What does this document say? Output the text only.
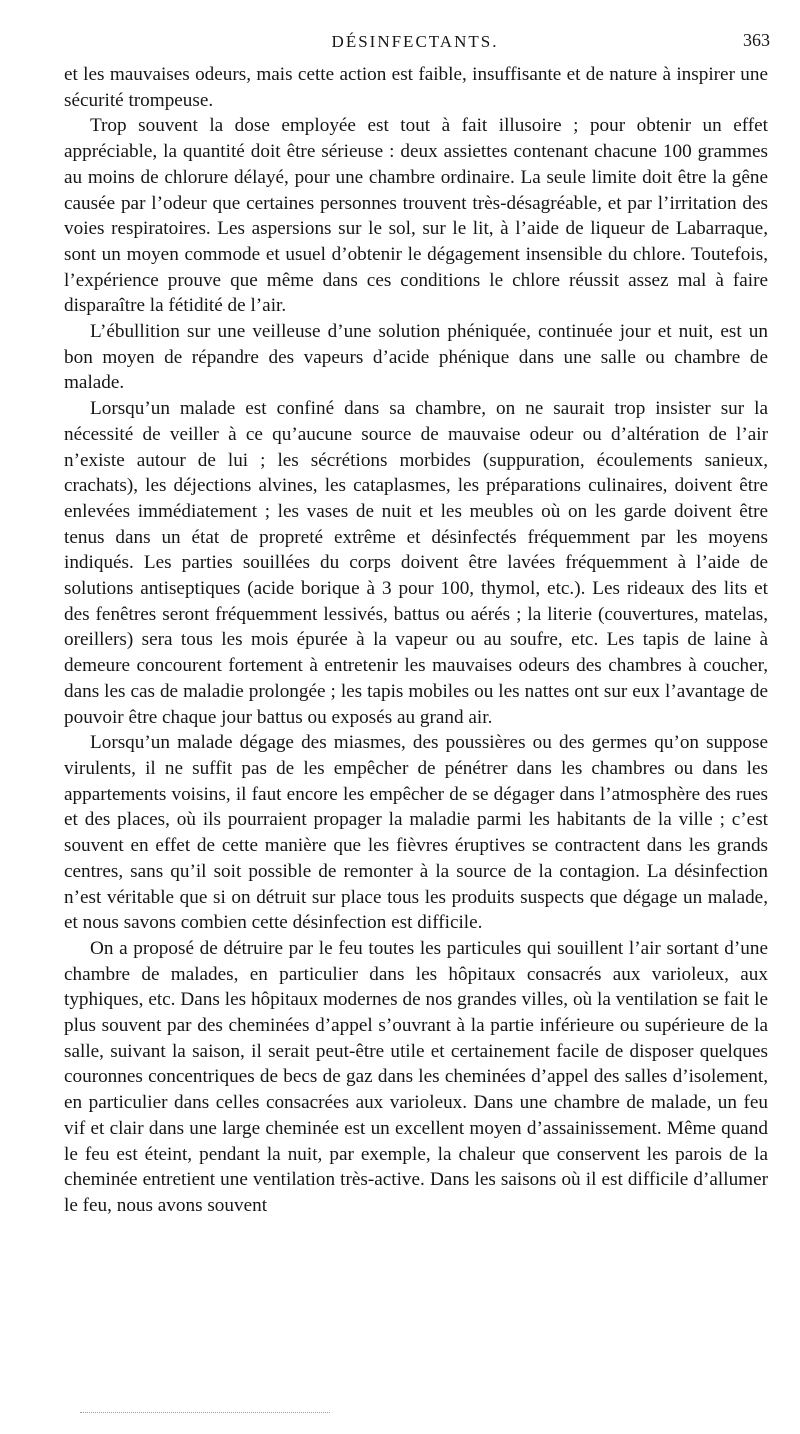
DÉSINFECTANTS.	363

et les mauvaises odeurs, mais cette action est faible, insuffisante et de nature à inspirer une sécurité trompeuse.

Trop souvent la dose employée est tout à fait illusoire ; pour obtenir un effet appréciable, la quantité doit être sérieuse : deux assiettes contenant chacune 100 grammes au moins de chlorure délayé, pour une chambre ordinaire. La seule limite doit être la gêne causée par l’odeur que certaines personnes trouvent très-désagréable, et par l’irritation des voies respiratoires. Les aspersions sur le sol, sur le lit, à l’aide de liqueur de Labarraque, sont un moyen commode et usuel d’obtenir le dégagement insensible du chlore. Toutefois, l’expérience prouve que même dans ces conditions le chlore réussit assez mal à faire disparaître la fétidité de l’air.

L’ébullition sur une veilleuse d’une solution phéniquée, continuée jour et nuit, est un bon moyen de répandre des vapeurs d’acide phénique dans une salle ou chambre de malade.

Lorsqu’un malade est confiné dans sa chambre, on ne saurait trop insister sur la nécessité de veiller à ce qu’aucune source de mauvaise odeur ou d’altération de l’air n’existe autour de lui ; les sécrétions morbides (suppuration, écoulements sanieux, crachats), les déjections alvines, les cataplasmes, les préparations culinaires, doivent être enlevées immédiatement ; les vases de nuit et les meubles où on les garde doivent être tenus dans un état de propreté extrême et désinfectés fréquemment par les moyens indiqués. Les parties souillées du corps doivent être lavées fréquemment à l’aide de solutions antiseptiques (acide borique à 3 pour 100, thymol, etc.). Les rideaux des lits et des fenêtres seront fréquemment lessivés, battus ou aérés ; la literie (couvertures, matelas, oreillers) sera tous les mois épurée à la vapeur ou au soufre, etc. Les tapis de laine à demeure concourent fortement à entretenir les mauvaises odeurs des chambres à coucher, dans les cas de maladie prolongée ; les tapis mobiles ou les nattes ont sur eux l’avantage de pouvoir être chaque jour battus ou exposés au grand air.

Lorsqu’un malade dégage des miasmes, des poussières ou des germes qu’on suppose virulents, il ne suffit pas de les empêcher de pénétrer dans les chambres ou dans les appartements voisins, il faut encore les empêcher de se dégager dans l’atmosphère des rues et des places, où ils pourraient propager la maladie parmi les habitants de la ville ; c’est souvent en effet de cette manière que les fièvres éruptives se contractent dans les grands centres, sans qu’il soit possible de remonter à la source de la contagion. La désinfection n’est véritable que si on détruit sur place tous les produits suspects que dégage un malade, et nous savons combien cette désinfection est difficile.

On a proposé de détruire par le feu toutes les particules qui souillent l’air sortant d’une chambre de malades, en particulier dans les hôpitaux consacrés aux varioleux, aux typhiques, etc. Dans les hôpitaux modernes de nos grandes villes, où la ventilation se fait le plus souvent par des cheminées d’appel s’ouvrant à la partie inférieure ou supérieure de la salle, suivant la saison, il serait peut-être utile et certainement facile de disposer quelques couronnes concentriques de becs de gaz dans les cheminées d’appel des salles d’isolement, en particulier dans celles consacrées aux varioleux. Dans une chambre de malade, un feu vif et clair dans une large cheminée est un excellent moyen d’assainissement. Même quand le feu est éteint, pendant la nuit, par exemple, la chaleur que conservent les parois de la cheminée entretient une ventilation très-active. Dans les saisons où il est difficile d’allumer le feu, nous avons souvent
